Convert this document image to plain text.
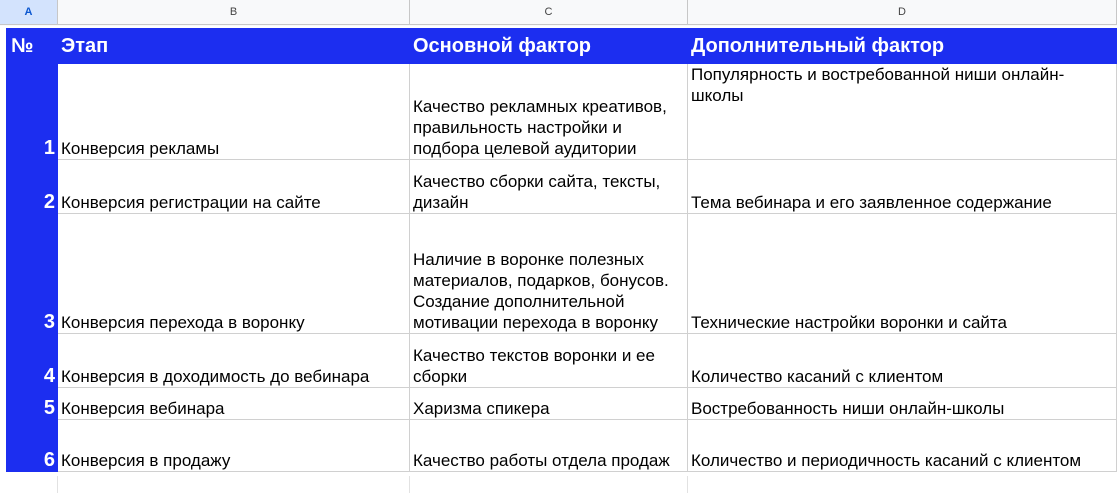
A	B	C	D
№	Этап	Основной фактор	Дополнительный фактор
1	Конверсия рекламы	Качество рекламных креативов, правильность настройки и подбора целевой аудитории	Популярность и востребованной ниши онлайн-школы
2	Конверсия регистрации на сайте	Качество сборки сайта, тексты, дизайн	Тема вебинара и его заявленное содержание
3	Конверсия перехода в воронку	Наличие в воронке полезных материалов, подарков, бонусов. Создание дополнительной мотивации перехода в воронку	Технические настройки воронки и сайта
4	Конверсия в доходимость до вебинара	Качество текстов воронки и ее сборки	Количество касаний с клиентом
5	Конверсия вебинара	Харизма спикера	Востребованность ниши онлайн-школы
6	Конверсия в продажу	Качество работы отдела продаж	Количество и периодичность касаний с клиентом
